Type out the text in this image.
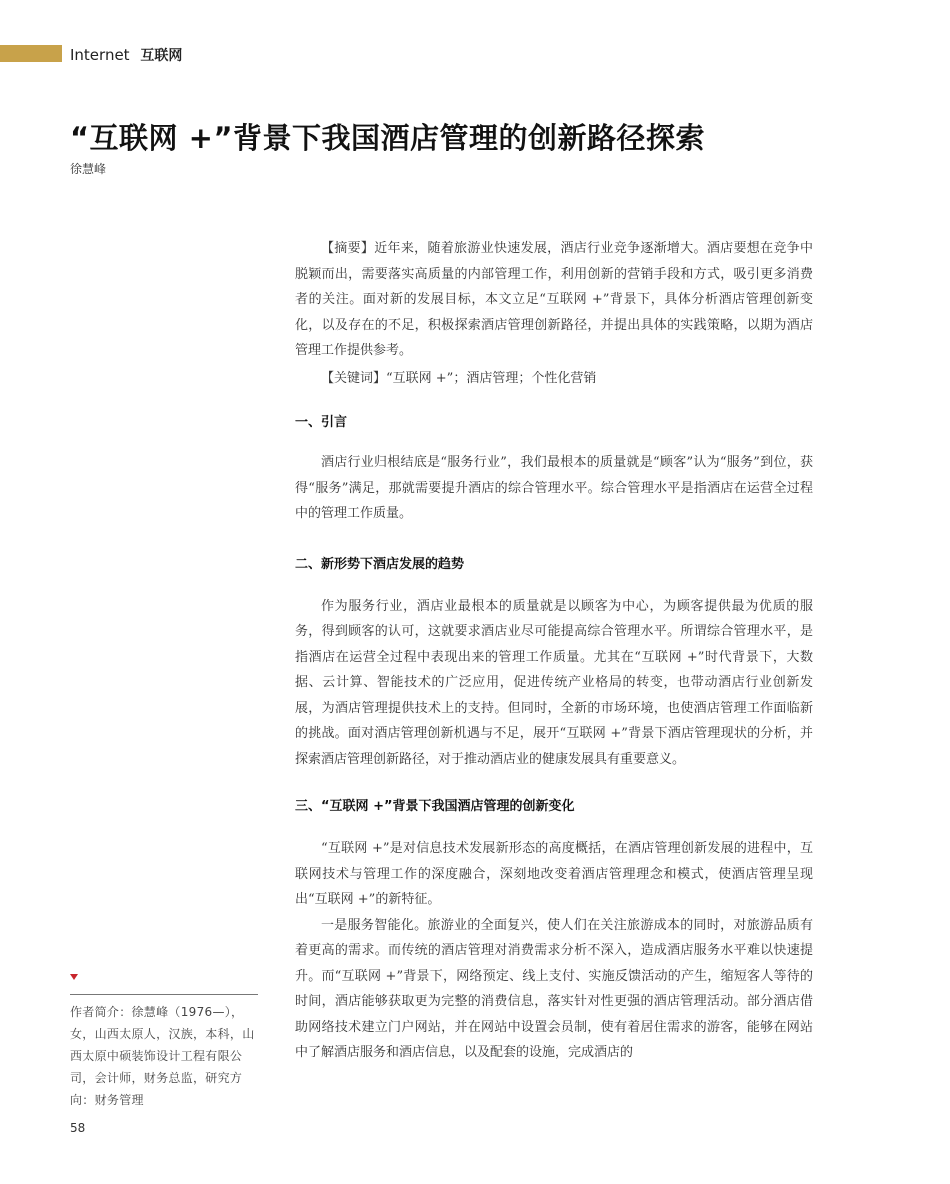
Internet 互联网
“互联网 +”背景下我国酒店管理的创新路径探索
徐慧峰

【摘要】近年来，随着旅游业快速发展，酒店行业竞争逐渐增大。酒店要想在竞争中脱颖而出，需要落实高质量的内部管理工作，利用创新的营销手段和方式，吸引更多消费者的关注。面对新的发展目标，本文立足“互联网 +”背景下，具体分析酒店管理创新变化，以及存在的不足，积极探索酒店管理创新路径，并提出具体的实践策略，以期为酒店管理工作提供参考。

【关键词】“互联网 +”；酒店管理；个性化营销

一、引言

酒店行业归根结底是“服务行业”，我们最根本的质量就是“顾客”认为“服务”到位，获得“服务”满足，那就需要提升酒店的综合管理水平。综合管理水平是指酒店在运营全过程中的管理工作质量。

二、新形势下酒店发展的趋势

作为服务行业，酒店业最根本的质量就是以顾客为中心，为顾客提供最为优质的服务，得到顾客的认可，这就要求酒店业尽可能提高综合管理水平。所谓综合管理水平，是指酒店在运营全过程中表现出来的管理工作质量。尤其在“互联网 +”时代背景下，大数据、云计算、智能技术的广泛应用，促进传统产业格局的转变，也带动酒店行业创新发展，为酒店管理提供技术上的支持。但同时，全新的市场环境，也使酒店管理工作面临新的挑战。面对酒店管理创新机遇与不足，展开“互联网 +”背景下酒店管理现状的分析，并探索酒店管理创新路径，对于推动酒店业的健康发展具有重要意义。

三、“互联网 +”背景下我国酒店管理的创新变化

“互联网 +”是对信息技术发展新形态的高度概括，在酒店管理创新发展的进程中，互联网技术与管理工作的深度融合，深刻地改变着酒店管理理念和模式，使酒店管理呈现出“互联网 +”的新特征。

一是服务智能化。旅游业的全面复兴，使人们在关注旅游成本的同时，对旅游品质有着更高的需求。而传统的酒店管理对消费需求分析不深入，造成酒店服务水平难以快速提升。而“互联网 +”背景下，网络预定、线上支付、实施反馈活动的产生，缩短客人等待的时间，酒店能够获取更为完整的消费信息，落实针对性更强的酒店管理活动。部分酒店借助网络技术建立门户网站，并在网站中设置会员制，使有着居住需求的游客，能够在网站中了解酒店服务和酒店信息，以及配套的设施，完成酒店的

作者简介：徐慧峰（1976—），女，山西太原人，汉族，本科，山西太原中硕装饰设计工程有限公司，会计师，财务总监，研究方向：财务管理
58
